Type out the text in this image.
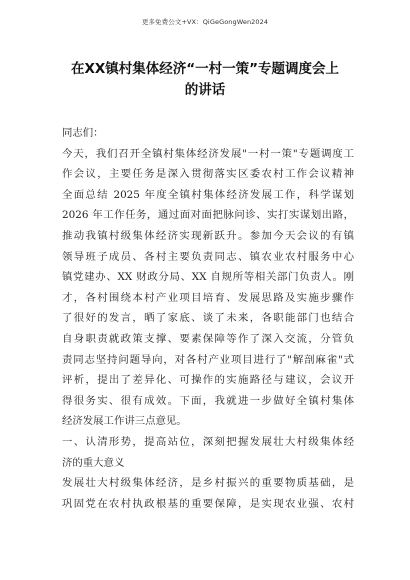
更多免费公文+VX：QiGeGongWen2024
在XX镇村集体经济“一村一策”专题调度会上
的讲话
同志们：
今天，我们召开全镇村集体经济发展"一村一策"专题调度工
作会议，主要任务是深入贯彻落实区委农村工作会议精神
全面总结 2025 年度全镇村集体经济发展工作，科学谋划
2026 年工作任务，通过面对面把脉问诊、实打实谋划出路，
推动我镇村级集体经济实现新跃升。参加今天会议的有镇
领导班子成员、各村主要负责同志、镇农业农村服务中心
镇党建办、XX 财政分局、XX 自规所等相关部门负责人。刚
才，各村围绕本村产业项目培育、发展思路及实施步骤作
了很好的发言，晒了家底、谈了未来，各职能部门也结合
自身职责就政策支撑、要素保障等作了深入交流，分管负
责同志坚持问题导向，对各村产业项目进行了"解剖麻雀"式
评析，提出了差异化、可操作的实施路径与建议，会议开
得很务实、很有成效。下面，我就进一步做好全镇村集体
经济发展工作讲三点意见。
一、认清形势，提高站位，深刻把握发展壮大村级集体经
济的重大意义
发展壮大村级集体经济，是乡村振兴的重要物质基础，是
巩固党在农村执政根基的重要保障，是实现农业强、农村
